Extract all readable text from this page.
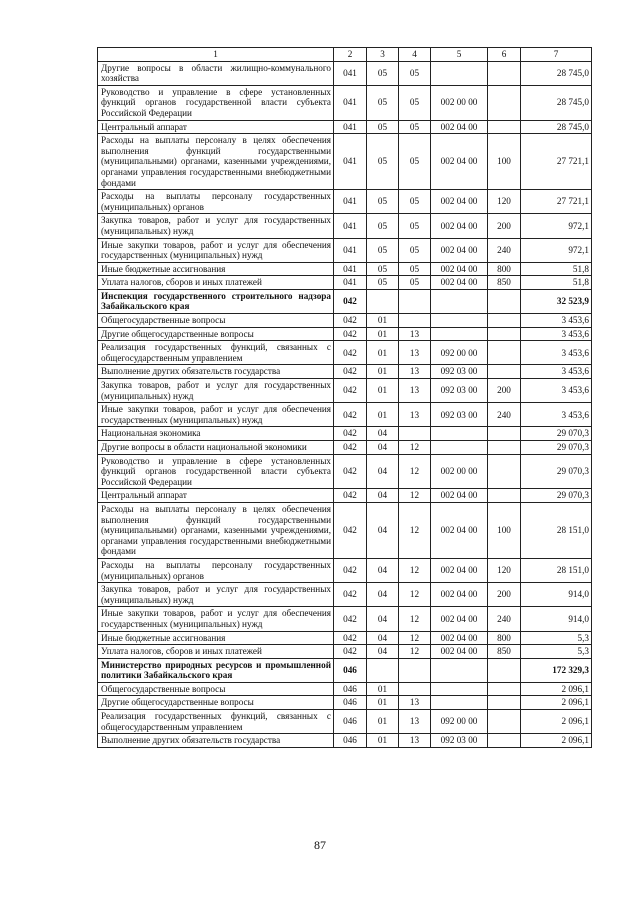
1	2	3	4	5	6	7
Другие вопросы в области жилищно-коммунального хозяйства	041	05	05			28 745,0
Руководство и управление в сфере установленных функций органов государственной власти субъекта Российской Федерации	041	05	05	002 00 00		28 745,0
Центральный аппарат	041	05	05	002 04 00		28 745,0
Расходы на выплаты персоналу в целях обеспечения выполнения функций государственными (муниципальными) органами, казенными учреждениями, органами управления государственными внебюджетными фондами	041	05	05	002 04 00	100	27 721,1
Расходы на выплаты персоналу государственных (муниципальных) органов	041	05	05	002 04 00	120	27 721,1
Закупка товаров, работ и услуг для государственных (муниципальных) нужд	041	05	05	002 04 00	200	972,1
Иные закупки товаров, работ и услуг для обеспечения государственных (муниципальных) нужд	041	05	05	002 04 00	240	972,1
Иные бюджетные ассигнования	041	05	05	002 04 00	800	51,8
Уплата налогов, сборов и иных платежей	041	05	05	002 04 00	850	51,8
Инспекция государственного строительного надзора Забайкальского края	042					32 523,9
Общегосударственные вопросы	042	01				3 453,6
Другие общегосударственные вопросы	042	01	13			3 453,6
Реализация государственных функций, связанных с общегосударственным управлением	042	01	13	092 00 00		3 453,6
Выполнение других обязательств государства	042	01	13	092 03 00		3 453,6
Закупка товаров, работ и услуг для государственных (муниципальных) нужд	042	01	13	092 03 00	200	3 453,6
Иные закупки товаров, работ и услуг для обеспечения государственных (муниципальных) нужд	042	01	13	092 03 00	240	3 453,6
Национальная экономика	042	04				29 070,3
Другие вопросы в области национальной экономики	042	04	12			29 070,3
Руководство и управление в сфере установленных функций органов государственной власти субъекта Российской Федерации	042	04	12	002 00 00		29 070,3
Центральный аппарат	042	04	12	002 04 00		29 070,3
Расходы на выплаты персоналу в целях обеспечения выполнения функций государственными (муниципальными) органами, казенными учреждениями, органами управления государственными внебюджетными фондами	042	04	12	002 04 00	100	28 151,0
Расходы на выплаты персоналу государственных (муниципальных) органов	042	04	12	002 04 00	120	28 151,0
Закупка товаров, работ и услуг для государственных (муниципальных) нужд	042	04	12	002 04 00	200	914,0
Иные закупки товаров, работ и услуг для обеспечения государственных (муниципальных) нужд	042	04	12	002 04 00	240	914,0
Иные бюджетные ассигнования	042	04	12	002 04 00	800	5,3
Уплата налогов, сборов и иных платежей	042	04	12	002 04 00	850	5,3
Министерство природных ресурсов и промышленной политики Забайкальского края	046					172 329,3
Общегосударственные вопросы	046	01				2 096,1
Другие общегосударственные вопросы	046	01	13			2 096,1
Реализация государственных функций, связанных с общегосударственным управлением	046	01	13	092 00 00		2 096,1
Выполнение других обязательств государства	046	01	13	092 03 00		2 096,1
87
